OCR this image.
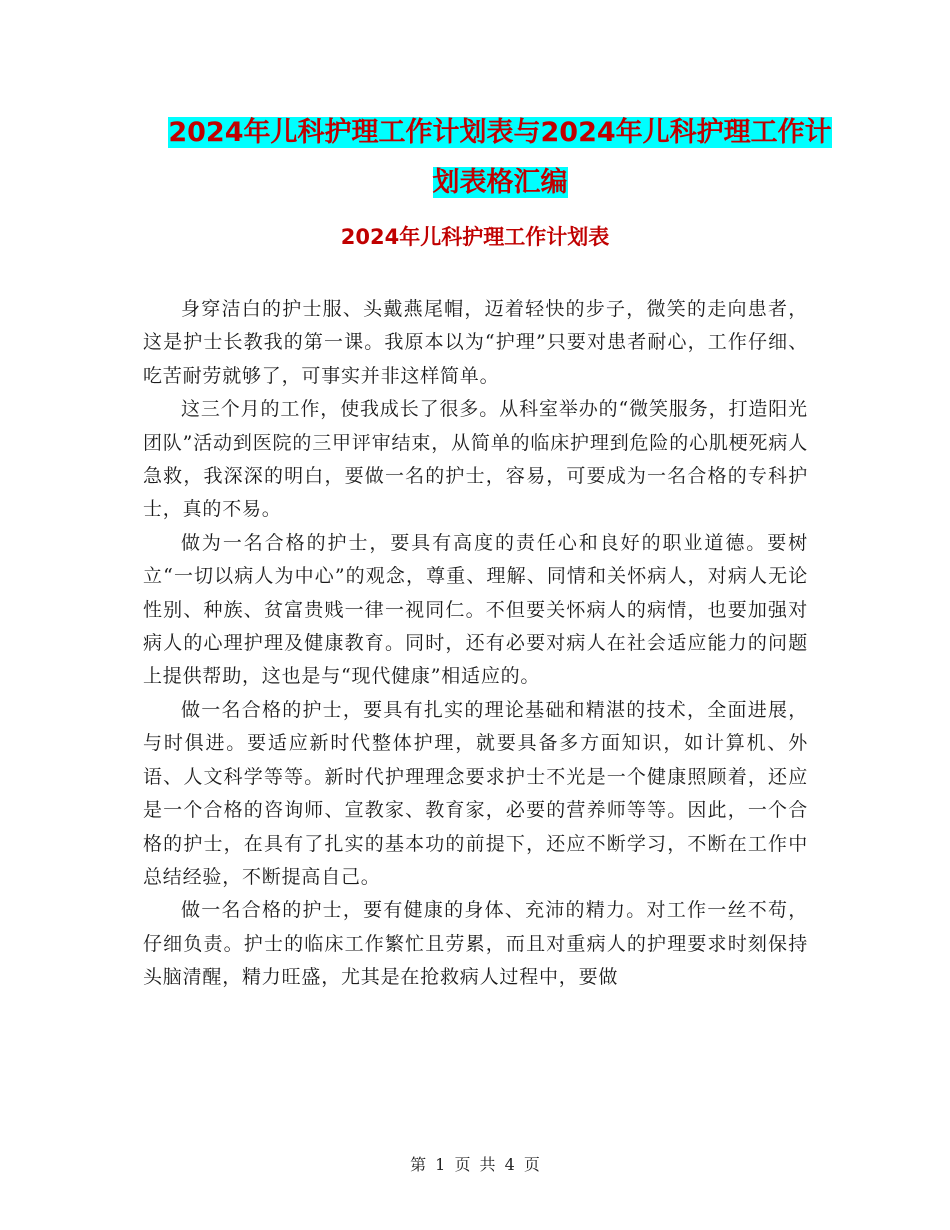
2024年儿科护理工作计划表与2024年儿科护理工作计
划表格汇编
2024年儿科护理工作计划表

身穿洁白的护士服、头戴燕尾帽，迈着轻快的步子，微笑的走向患者，这是护士长教我的第一课。我原本以为“护理”只要对患者耐心，工作仔细、吃苦耐劳就够了，可事实并非这样简单。

这三个月的工作，使我成长了很多。从科室举办的“微笑服务，打造阳光团队”活动到医院的三甲评审结束，从简单的临床护理到危险的心肌梗死病人急救，我深深的明白，要做一名的护士，容易，可要成为一名合格的专科护士，真的不易。

做为一名合格的护士，要具有高度的责任心和良好的职业道德。要树立“一切以病人为中心”的观念，尊重、理解、同情和关怀病人，对病人无论性别、种族、贫富贵贱一律一视同仁。不但要关怀病人的病情，也要加强对病人的心理护理及健康教育。同时，还有必要对病人在社会适应能力的问题上提供帮助，这也是与“现代健康”相适应的。

做一名合格的护士，要具有扎实的理论基础和精湛的技术，全面进展，与时俱进。要适应新时代整体护理，就要具备多方面知识，如计算机、外语、人文科学等等。新时代护理理念要求护士不光是一个健康照顾着，还应是一个合格的咨询师、宣教家、教育家，必要的营养师等等。因此，一个合格的护士，在具有了扎实的基本功的前提下，还应不断学习，不断在工作中总结经验，不断提高自己。

做一名合格的护士，要有健康的身体、充沛的精力。对工作一丝不苟，仔细负责。护士的临床工作繁忙且劳累，而且对重病人的护理要求时刻保持头脑清醒，精力旺盛，尤其是在抢救病人过程中，要做

第 1 页 共 4 页
